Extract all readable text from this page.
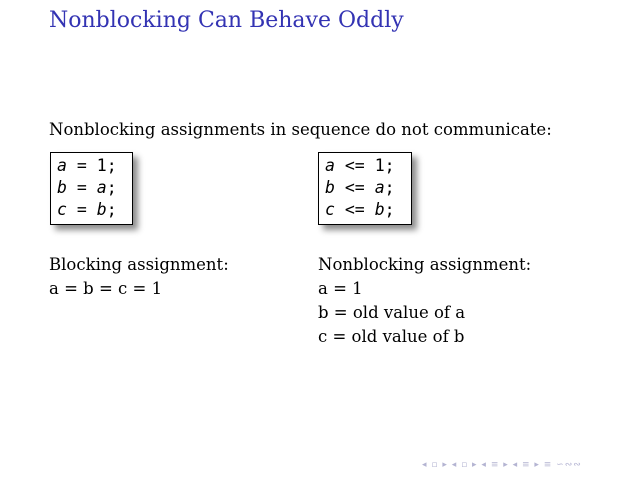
Nonblocking Can Behave Oddly
Nonblocking assignments in sequence do not communicate:
a = 1;
b = a;
c = b;
a <= 1;
b <= a;
c <= b;
Blocking assignment:
a = b = c = 1
Nonblocking assignment:
a = 1
b = old value of a
c = old value of b
◂ ▫ ▸ ◂ ▫ ▸ ◂ ≡ ▸ ◂ ≡ ▸ ≡ ∽∾∾
